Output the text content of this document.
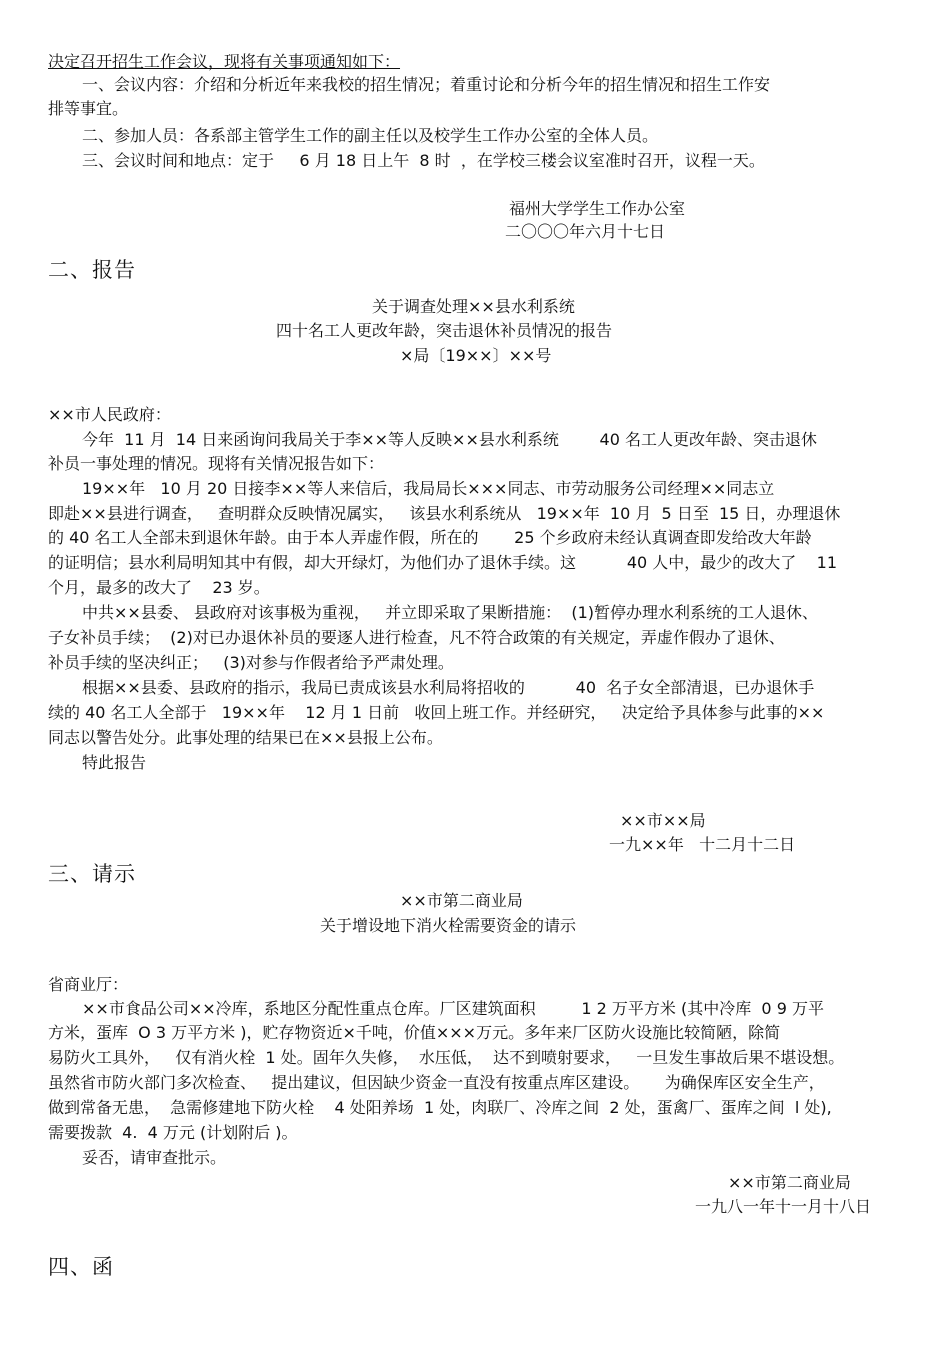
决定召开招生工作会议，现将有关事项通知如下：

一、会议内容：介绍和分析近年来我校的招生情况；着重讨论和分析今年的招生情况和招生工作安

排等事宜。

二、参加人员：各系部主管学生工作的副主任以及校学生工作办公室的全体人员。

三、会议时间和地点：定于     6 月 18 日上午  8 时  ，在学校三楼会议室准时召开，议程一天。

福州大学学生工作办公室

二〇〇〇年六月十七日

二、报告

关于调查处理××县水利系统

四十名工人更改年龄，突击退休补员情况的报告

×局〔19××〕××号

××市人民政府：

今年  11 月  14 日来函询问我局关于李××等人反映××县水利系统        40 名工人更改年龄、突击退休

补员一事处理的情况。现将有关情况报告如下：

19××年   10 月 20 日接李××等人来信后，我局局长×××同志、市劳动服务公司经理××同志立

即赴××县进行调查，   查明群众反映情况属实，   该县水利系统从   19××年  10 月  5 日至  15 日，办理退休

的 40 名工人全部未到退休年龄。由于本人弄虚作假，所在的       25 个乡政府未经认真调查即发给改大年龄

的证明信；县水利局明知其中有假，却大开绿灯，为他们办了退休手续。这          40 人中，最少的改大了    11

个月，最多的改大了    23 岁。

中共××县委、 县政府对该事极为重视，   并立即采取了果断措施：  (1)暂停办理水利系统的工人退休、

子女补员手续；  (2)对已办退休补员的要逐人进行检查，凡不符合政策的有关规定，弄虚作假办了退休、

补员手续的坚决纠正；   (3)对参与作假者给予严肃处理。

根据××县委、县政府的指示，我局已责成该县水利局将招收的          40  名子女全部清退，已办退休手

续的 40 名工人全部于   19××年    12 月 1 日前   收回上班工作。并经研究，   决定给予具体参与此事的××

同志以警告处分。此事处理的结果已在××县报上公布。

特此报告

××市××局

一九××年   十二月十二日

三、请示

××市第二商业局

关于增设地下消火栓需要资金的请示

省商业厅：

××市食品公司××冷库，系地区分配性重点仓库。厂区建筑面积         1 2 万平方米 (其中冷库  0 9 万平

方米，蛋库  O 3 万平方米 )，贮存物资近×千吨，价值×××万元。多年来厂区防火设施比较简陋，除简

易防火工具外，   仅有消火栓  1 处。固年久失修，  水压低，  达不到喷射要求，   一旦发生事故后果不堪设想。

虽然省市防火部门多次检查、   提出建议，但因缺少资金一直没有按重点库区建设。     为确保库区安全生产，

做到常备无患，  急需修建地下防火栓    4 处阳养场  1 处，肉联厂、冷库之间  2 处，蛋禽厂、蛋库之间  l 处),

需要拨款  4.  4 万元 (计划附后 )。

妥否，请审查批示。

××市第二商业局

一九八一年十一月十八日

四、函
